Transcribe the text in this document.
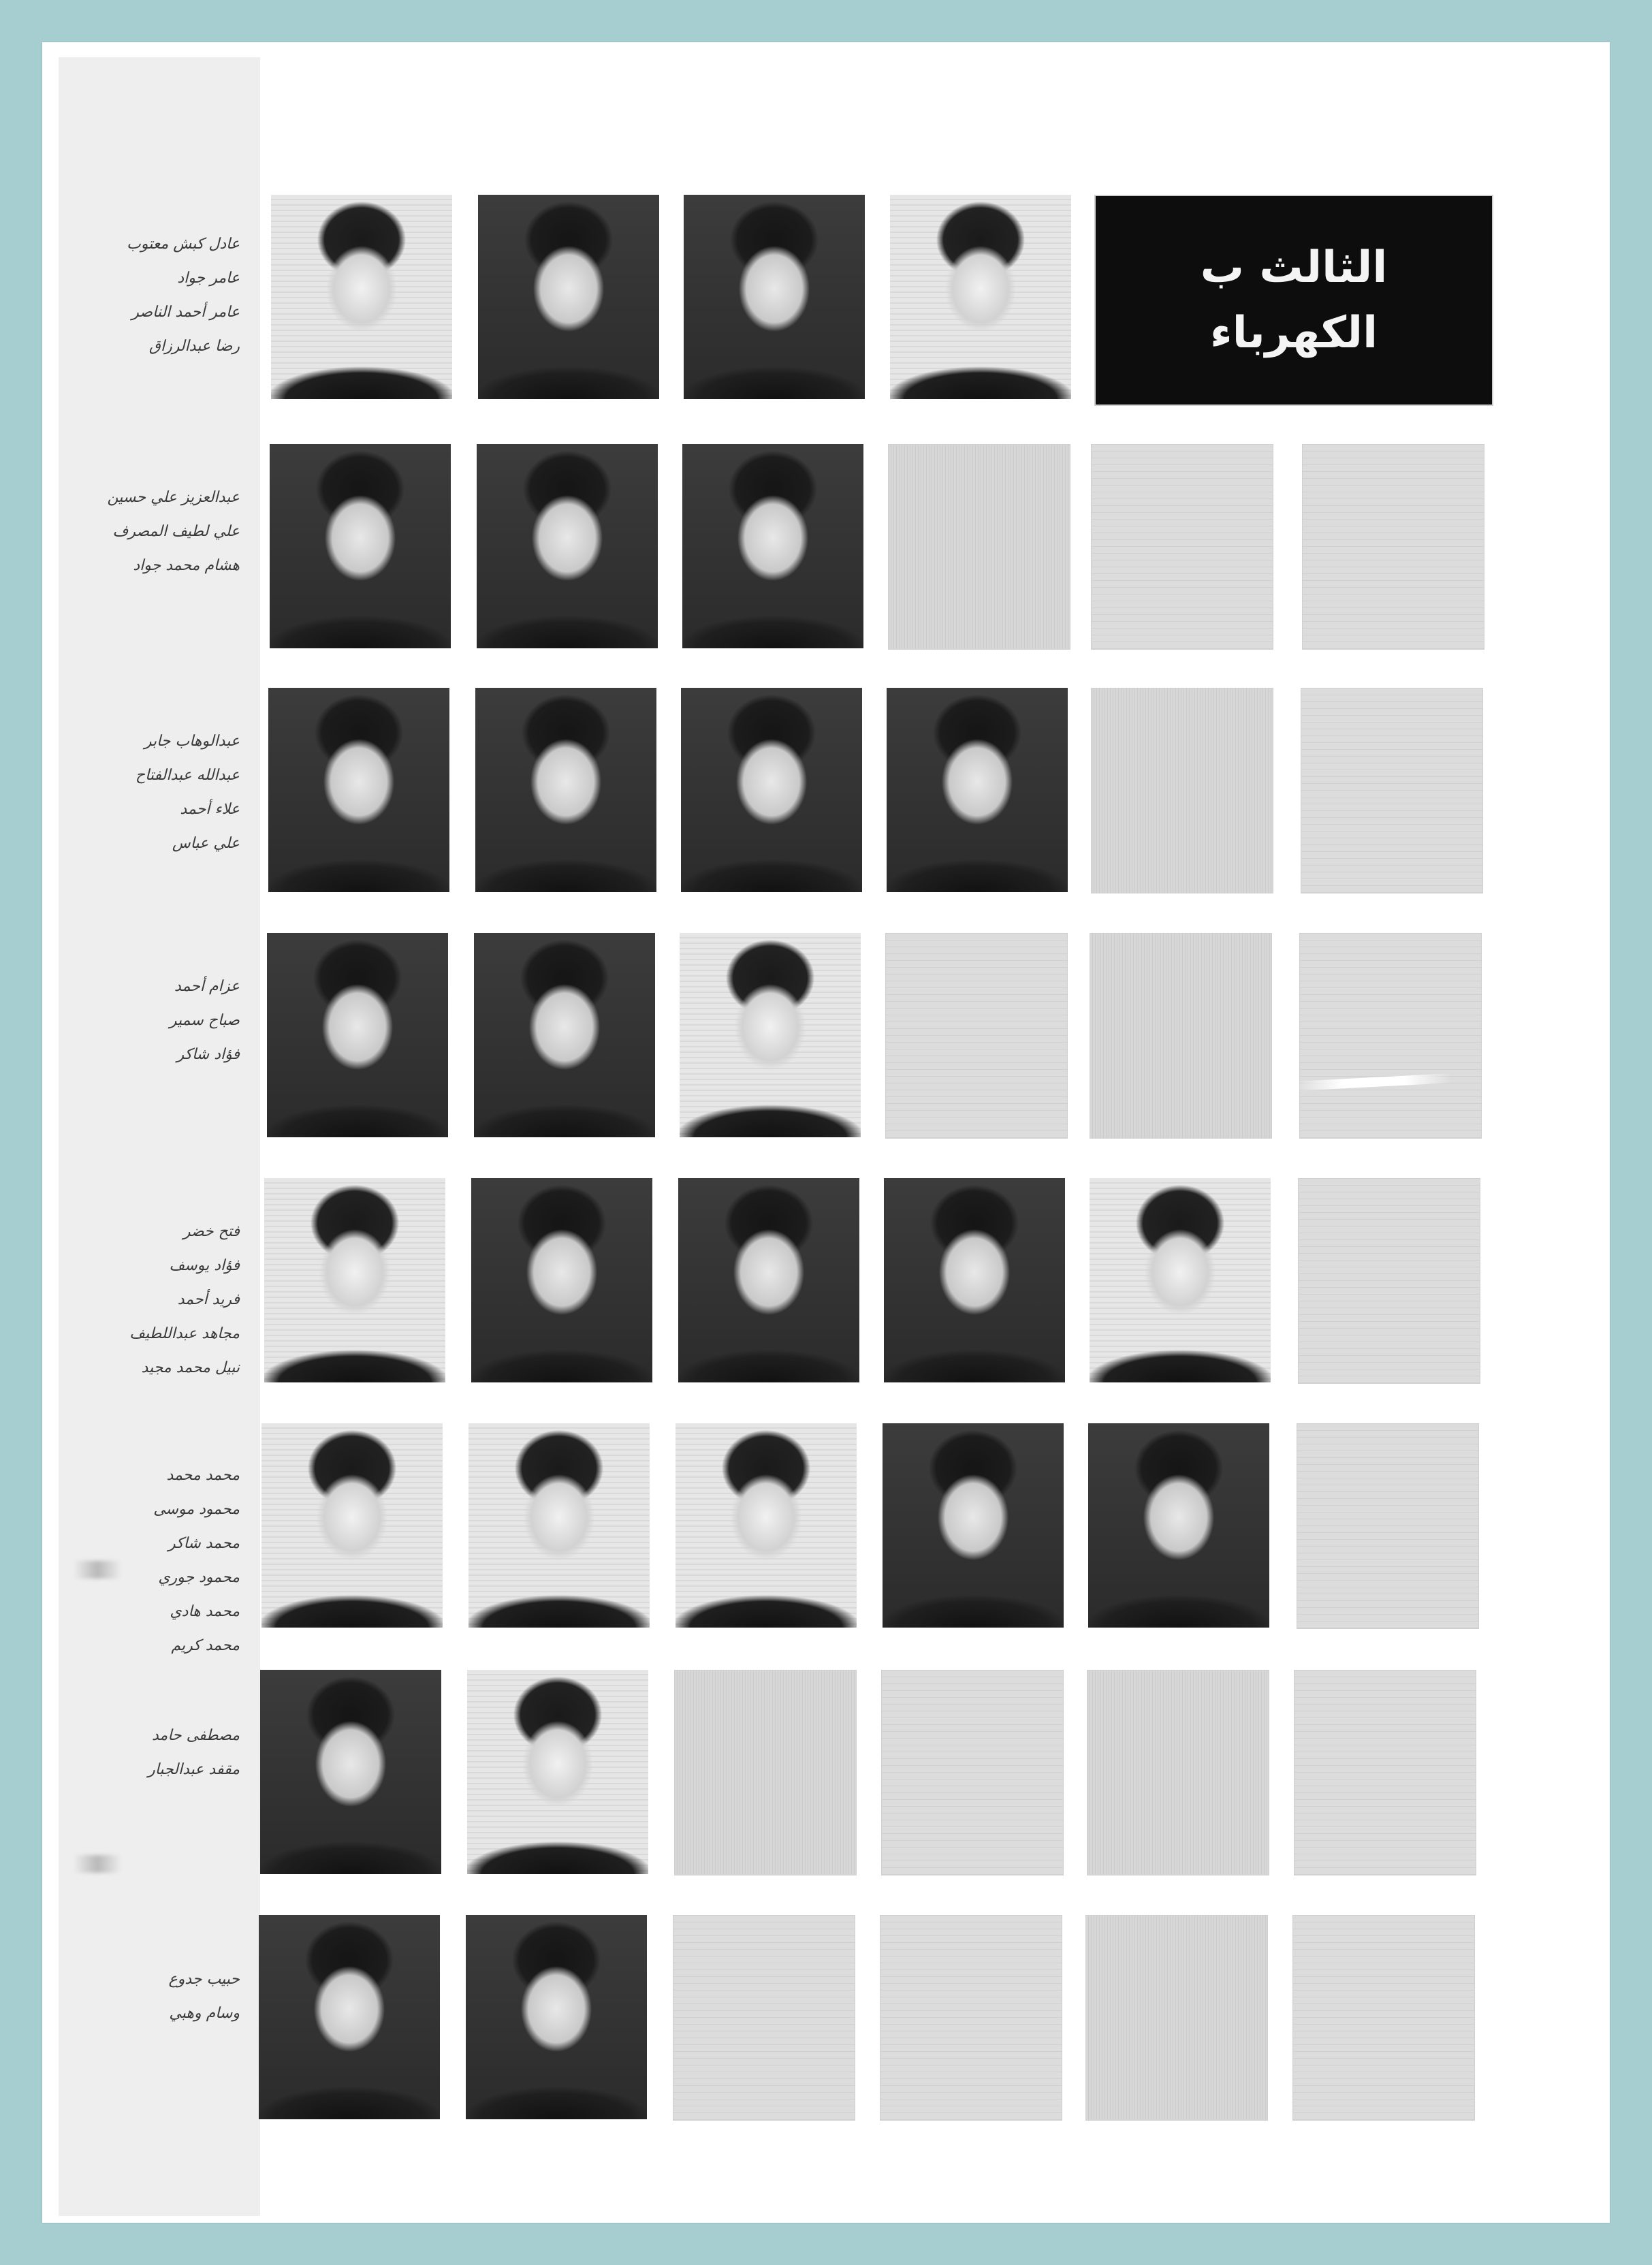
عادل كبش معتوب
عامر جواد
عامر أحمد الناصر
رضا عبدالرزاق
عبدالعزيز علي حسين
علي لطيف المصرف
هشام محمد جواد
عبدالوهاب جابر
عبدالله عبدالفتاح
علاء أحمد
علي عباس
عزام أحمد
صباح سمير
فؤاد شاكر
فتح خضر
فؤاد يوسف
فريد أحمد
مجاهد عبداللطيف
نبيل محمد مجيد
محمد محمد
محمود موسى
محمد شاكر
محمود جوري
محمد هادي
محمد كريم
مصطفى حامد
مقفد عبدالجبار
حبيب جدوع
وسام وهبي
الثالث ب
الكهرباء
